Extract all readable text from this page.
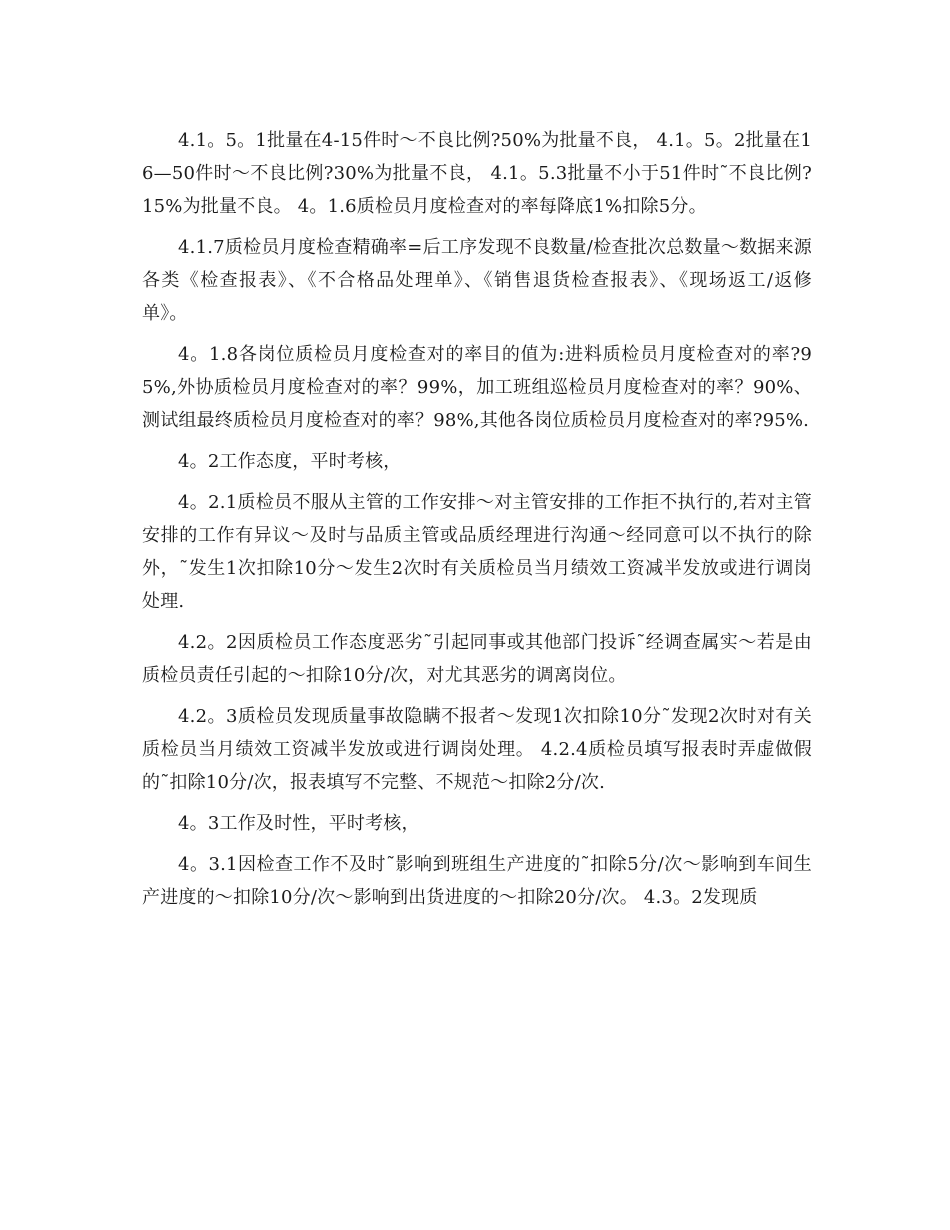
4.1。5。1批量在4-15件时～不良比例?50%为批量不良， 4.1。5。2批量在16—50件时～不良比例?30%为批量不良， 4.1。5.3批量不小于51件时˜不良比例?15%为批量不良。 4。1.6质检员月度检查对的率每降底1%扣除5分。

4.1.7质检员月度检查精确率=后工序发现不良数量/检查批次总数量～数据来源各类《检查报表》、《不合格品处理单》、《销售退货检查报表》、《现场返工/返修单》。

4。1.8各岗位质检员月度检查对的率目的值为:进料质检员月度检查对的率?95%,外协质检员月度检查对的率？99%，加工班组巡检员月度检查对的率？90%、测试组最终质检员月度检查对的率？98%,其他各岗位质检员月度检查对的率?95%.

4。2工作态度，平时考核，

4。2.1质检员不服从主管的工作安排～对主管安排的工作拒不执行的,若对主管安排的工作有异议～及时与品质主管或品质经理进行沟通～经同意可以不执行的除外，˜发生1次扣除10分～发生2次时有关质检员当月绩效工资减半发放或进行调岗处理.

4.2。2因质检员工作态度恶劣˜引起同事或其他部门投诉˜经调查属实～若是由质检员责任引起的～扣除10分/次，对尤其恶劣的调离岗位。

4.2。3质检员发现质量事故隐瞒不报者～发现1次扣除10分˜发现2次时对有关质检员当月绩效工资减半发放或进行调岗处理。 4.2.4质检员填写报表时弄虚做假的˜扣除10分/次，报表填写不完整、不规范～扣除2分/次.

4。3工作及时性，平时考核，

4。3.1因检查工作不及时˜影响到班组生产进度的˜扣除5分/次～影响到车间生产进度的～扣除10分/次～影响到出货进度的～扣除20分/次。 4.3。2发现质
